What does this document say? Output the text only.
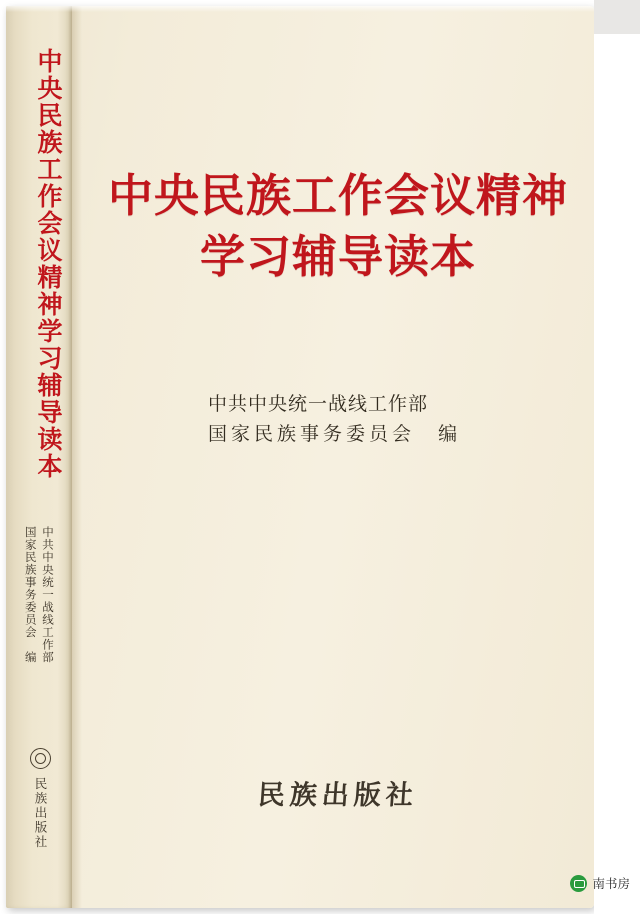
中央民族工作会议精神学习辅导读本
中共中央统一战线工作部
国家民族事务委员会　编
民族出版社
中央民族工作会议精神
学习辅导读本
中共中央统一战线工作部
国家民族事务委员会 编
民族出版社
南书房
